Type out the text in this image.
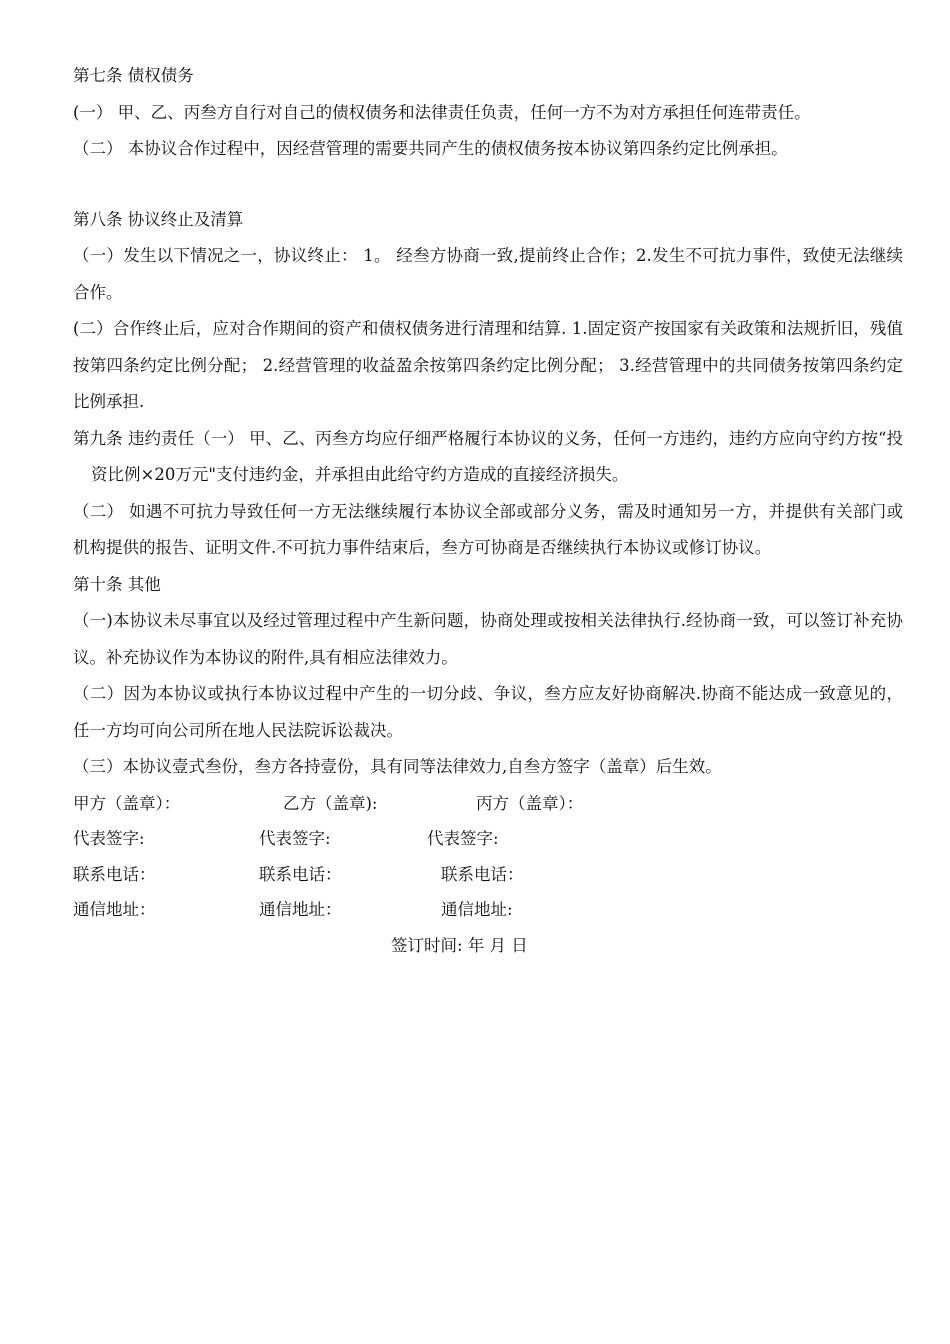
第七条 债权债务

(一） 甲、乙、丙叁方自行对自己的债权债务和法律责任负责，任何一方不为对方承担任何连带责任。

（二） 本协议合作过程中，因经营管理的需要共同产生的债权债务按本协议第四条约定比例承担。

第八条 协议终止及清算

（一）发生以下情况之一，协议终止： 1。 经叁方协商一致,提前终止合作；2.发生不可抗力事件，致使无法继续合作。

(二）合作终止后，应对合作期间的资产和债权债务进行清理和结算. 1.固定资产按国家有关政策和法规折旧，残值按第四条约定比例分配； 2.经营管理的收益盈余按第四条约定比例分配； 3.经营管理中的共同债务按第四条约定比例承担.

第九条 违约责任（一） 甲、乙、丙叁方均应仔细严格履行本协议的义务，任何一方违约，违约方应向守约方按“投资比例×20万元"支付违约金，并承担由此给守约方造成的直接经济损失。

（二） 如遇不可抗力导致任何一方无法继续履行本协议全部或部分义务，需及时通知另一方，并提供有关部门或机构提供的报告、证明文件.不可抗力事件结束后，叁方可协商是否继续执行本协议或修订协议。

第十条 其他

（一)本协议未尽事宜以及经过管理过程中产生新问题，协商处理或按相关法律执行.经协商一致，可以签订补充协议。补充协议作为本协议的附件,具有相应法律效力。

（二）因为本协议或执行本协议过程中产生的一切分歧、争议，叁方应友好协商解决.协商不能达成一致意见的，任一方均可向公司所在地人民法院诉讼裁决。

（三）本协议壹式叁份，叁方各持壹份，具有同等法律效力,自叁方签字（盖章）后生效。

甲方（盖章）：	乙方（盖章):	丙方（盖章）：
代表签字:	代表签字:	代表签字:
联系电话：	联系电话：	联系电话：
通信地址：	通信地址：	通信地址:
签订时间: 年 月 日
